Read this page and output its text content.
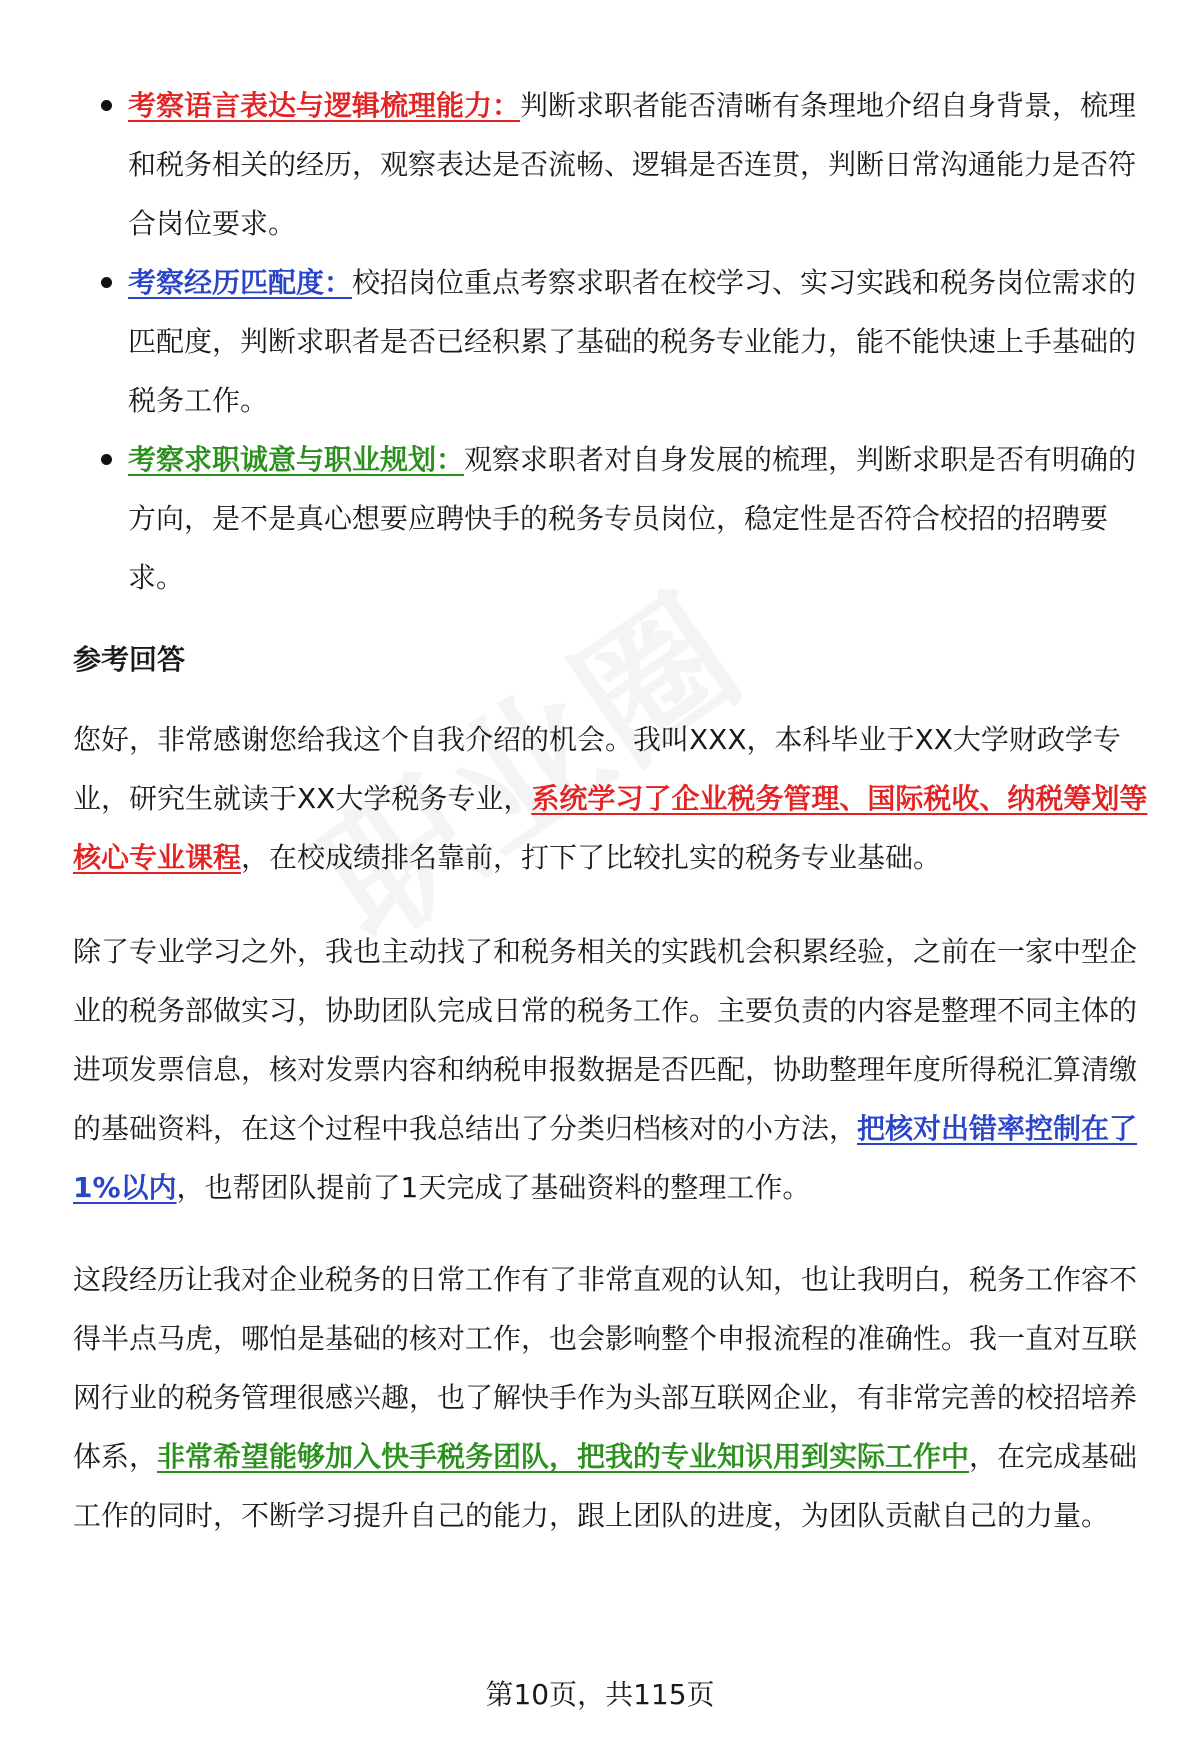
考察语言表达与逻辑梳理能力：判断求职者能否清晰有条理地介绍自身背景，梳理和税务相关的经历，观察表达是否流畅、逻辑是否连贯，判断日常沟通能力是否符合岗位要求。
考察经历匹配度：校招岗位重点考察求职者在校学习、实习实践和税务岗位需求的匹配度，判断求职者是否已经积累了基础的税务专业能力，能不能快速上手基础的税务工作。
考察求职诚意与职业规划：观察求职者对自身发展的梳理，判断求职是否有明确的方向，是不是真心想要应聘快手的税务专员岗位，稳定性是否符合校招的招聘要求。
参考回答

您好，非常感谢您给我这个自我介绍的机会。我叫XXX，本科毕业于XX大学财政学专业，研究生就读于XX大学税务专业，系统学习了企业税务管理、国际税收、纳税筹划等核心专业课程，在校成绩排名靠前，打下了比较扎实的税务专业基础。

除了专业学习之外，我也主动找了和税务相关的实践机会积累经验，之前在一家中型企业的税务部做实习，协助团队完成日常的税务工作。主要负责的内容是整理不同主体的进项发票信息，核对发票内容和纳税申报数据是否匹配，协助整理年度所得税汇算清缴的基础资料，在这个过程中我总结出了分类归档核对的小方法，把核对出错率控制在了1%以内，也帮团队提前了1天完成了基础资料的整理工作。

这段经历让我对企业税务的日常工作有了非常直观的认知，也让我明白，税务工作容不得半点马虎，哪怕是基础的核对工作，也会影响整个申报流程的准确性。我一直对互联网行业的税务管理很感兴趣，也了解快手作为头部互联网企业，有非常完善的校招培养体系，非常希望能够加入快手税务团队，把我的专业知识用到实际工作中，在完成基础工作的同时，不断学习提升自己的能力，跟上团队的进度，为团队贡献自己的力量。

第10页，共115页
